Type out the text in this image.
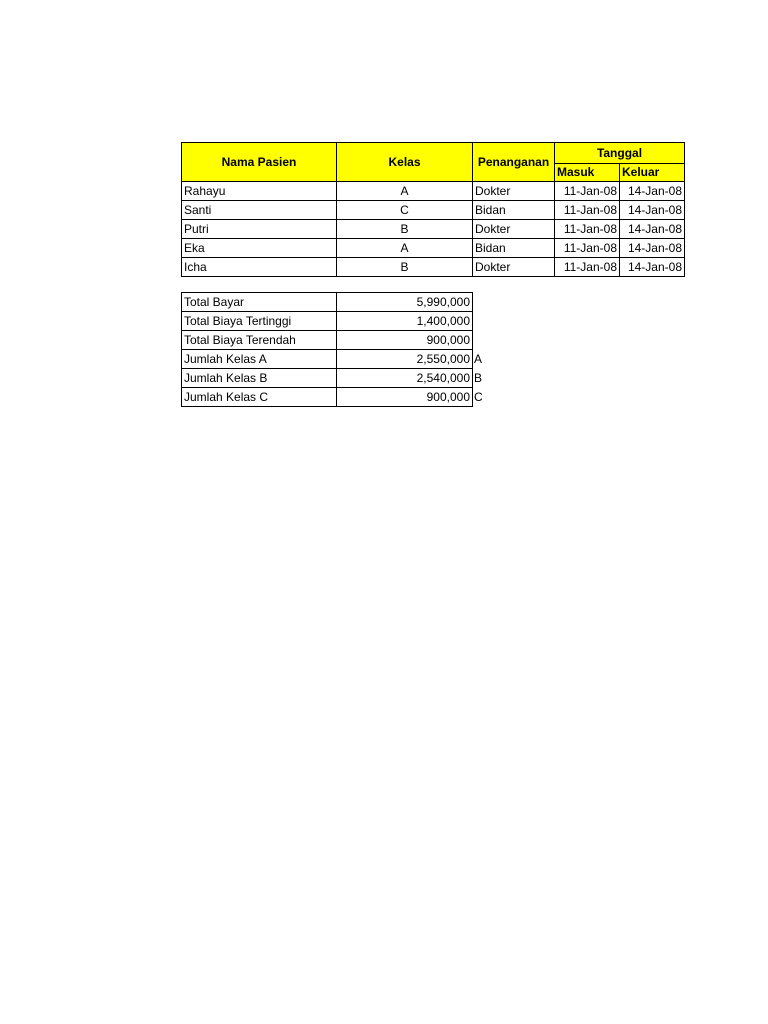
Nama Pasien	Kelas	Penanganan	Tanggal	
			Masuk	Keluar
Rahayu	A	Dokter	11-Jan-08	14-Jan-08
Santi	C	Bidan	11-Jan-08	14-Jan-08
Putri	B	Dokter	11-Jan-08	14-Jan-08
Eka	A	Bidan	11-Jan-08	14-Jan-08
Icha	B	Dokter	11-Jan-08	14-Jan-08
Total Bayar	5,990,000	
Total Biaya Tertinggi	1,400,000	
Total Biaya Terendah	900,000	
Jumlah Kelas A	2,550,000	A
Jumlah Kelas B	2,540,000	B
Jumlah Kelas C	900,000	C
